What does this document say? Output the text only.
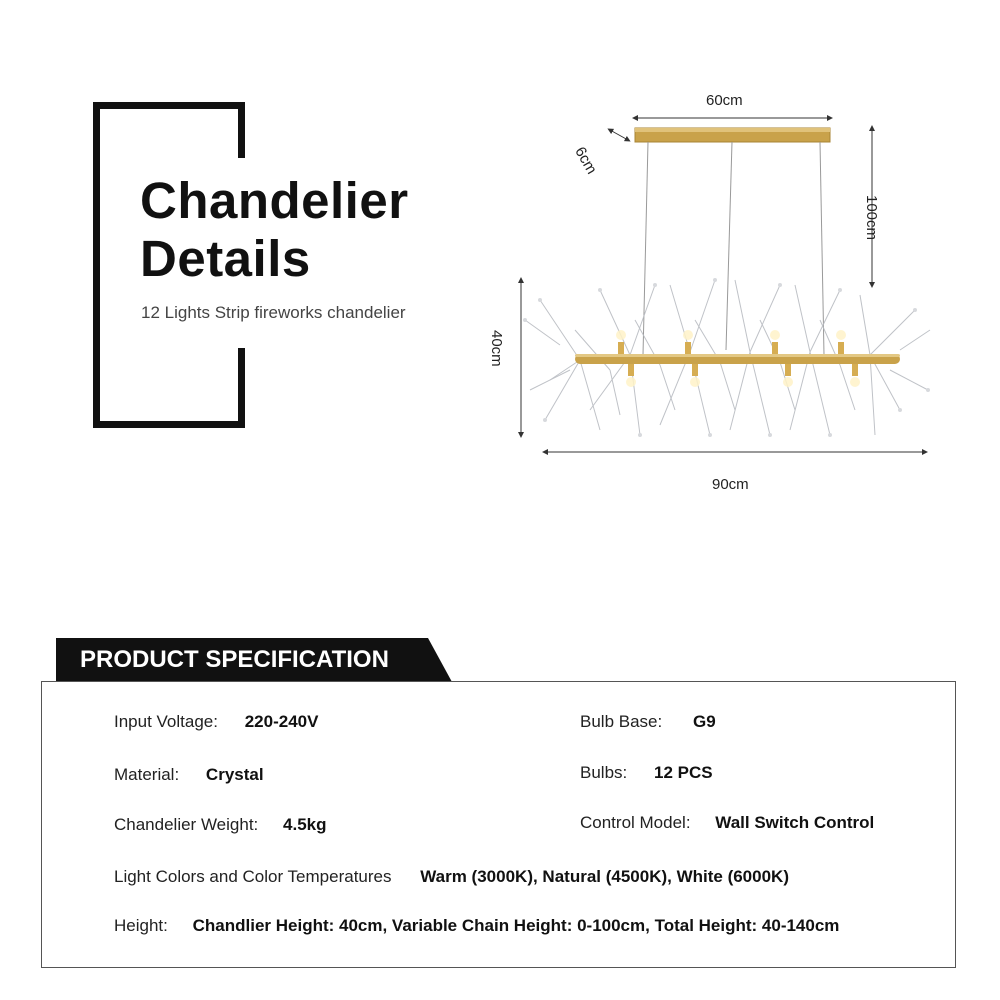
Chandelier
Details
12 Lights Strip fireworks chandelier
60cm
6cm
100cm
40cm
90cm
PRODUCT SPECIFICATION
Input Voltage: 220-240V	Bulb Base: G9
Material: Crystal	Bulbs: 12 PCS
Chandelier Weight: 4.5kg	Control Model: Wall Switch Control
Light Colors and Color Temperatures Warm (3000K), Natural (4500K), White (6000K)
Height: Chandlier Height: 40cm, Variable Chain Height: 0-100cm, Total Height: 40-140cm
